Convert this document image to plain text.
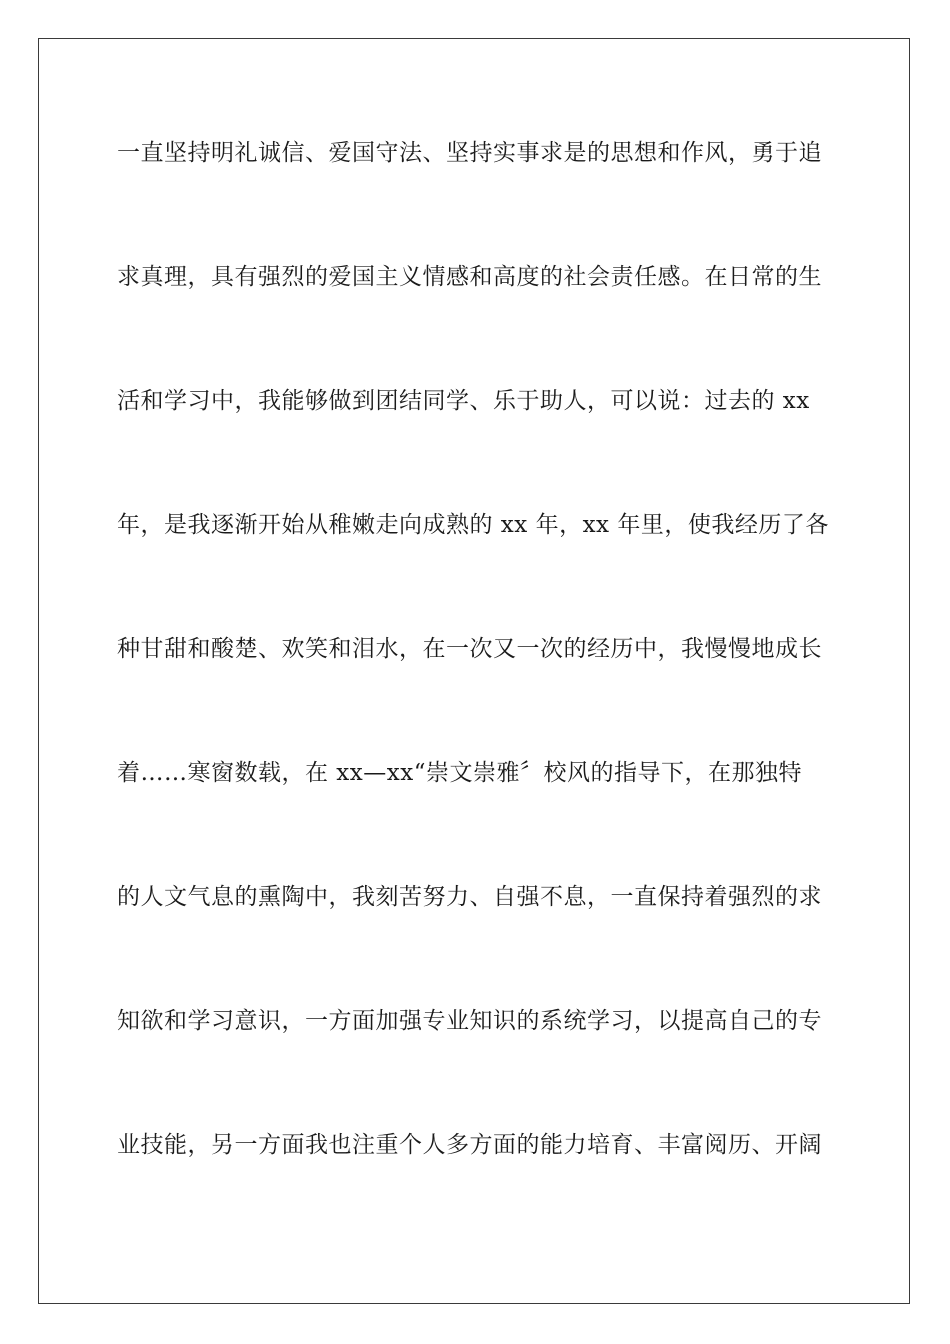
一直坚持明礼诚信、爱国守法、坚持实事求是的思想和作风，勇于追
求真理，具有强烈的爱国主义情感和高度的社会责任感。在日常的生
活和学习中，我能够做到团结同学、乐于助人，可以说：过去的 xx
年，是我逐渐开始从稚嫩走向成熟的 xx 年，xx 年里，使我经历了各
种甘甜和酸楚、欢笑和泪水，在一次又一次的经历中，我慢慢地成长
着……寒窗数载，在 xx—xx“崇文崇雅〞校风的指导下，在那独特
的人文气息的熏陶中，我刻苦努力、自强不息，一直保持着强烈的求
知欲和学习意识，一方面加强专业知识的系统学习，以提高自己的专
业技能，另一方面我也注重个人多方面的能力培育、丰富阅历、开阔
